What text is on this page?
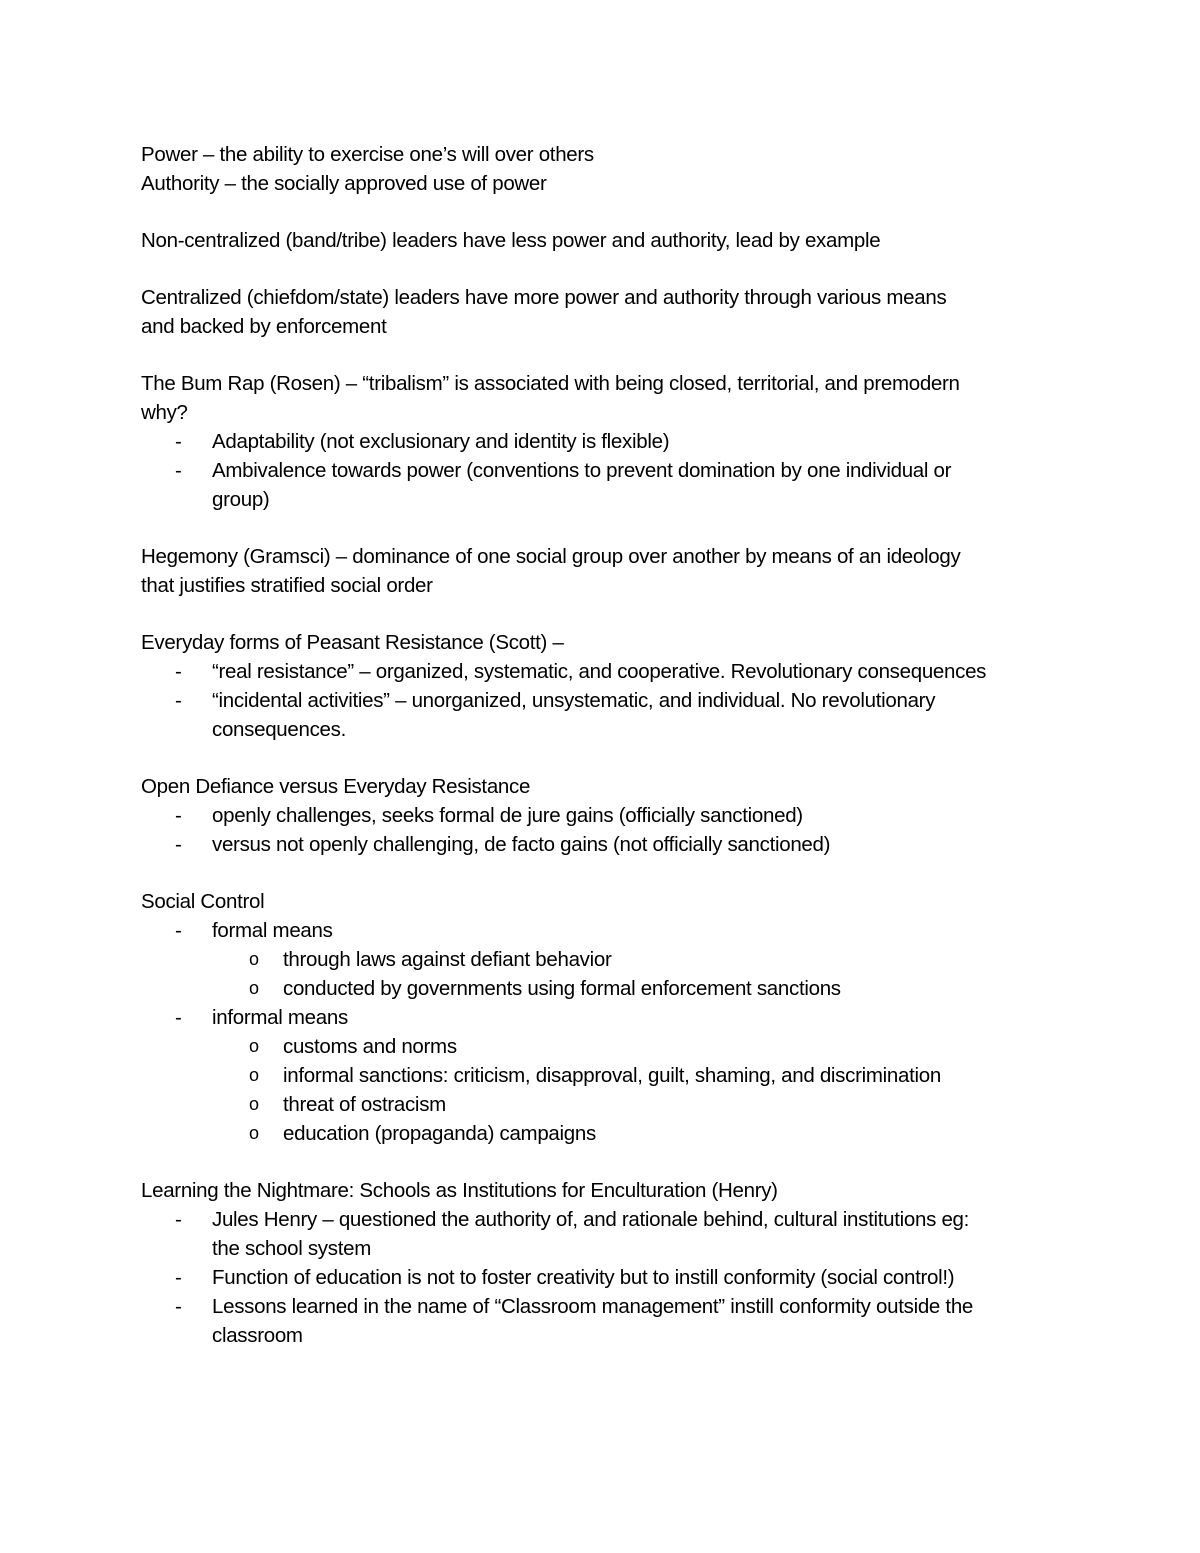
Power – the ability to exercise one’s will over others

Authority – the socially approved use of power

Non-centralized (band/tribe) leaders have less power and authority, lead by example

Centralized (chiefdom/state) leaders have more power and authority through various means

and backed by enforcement

The Bum Rap (Rosen) – “tribalism” is associated with being closed, territorial, and premodern

why?

- Adaptability (not exclusionary and identity is flexible)

- Ambivalence towards power (conventions to prevent domination by one individual or

group)

Hegemony (Gramsci) – dominance of one social group over another by means of an ideology

that justifies stratified social order

Everyday forms of Peasant Resistance (Scott) –

- “real resistance” – organized, systematic, and cooperative. Revolutionary consequences

- “incidental activities” – unorganized, unsystematic, and individual. No revolutionary

consequences.

Open Defiance versus Everyday Resistance

- openly challenges, seeks formal de jure gains (officially sanctioned)

- versus not openly challenging, de facto gains (not officially sanctioned)

Social Control

- formal means

o through laws against defiant behavior

o conducted by governments using formal enforcement sanctions

- informal means

o customs and norms

o informal sanctions: criticism, disapproval, guilt, shaming, and discrimination

o threat of ostracism

o education (propaganda) campaigns

Learning the Nightmare: Schools as Institutions for Enculturation (Henry)

- Jules Henry – questioned the authority of, and rationale behind, cultural institutions eg:

the school system

- Function of education is not to foster creativity but to instill conformity (social control!)

- Lessons learned in the name of “Classroom management” instill conformity outside the

classroom
